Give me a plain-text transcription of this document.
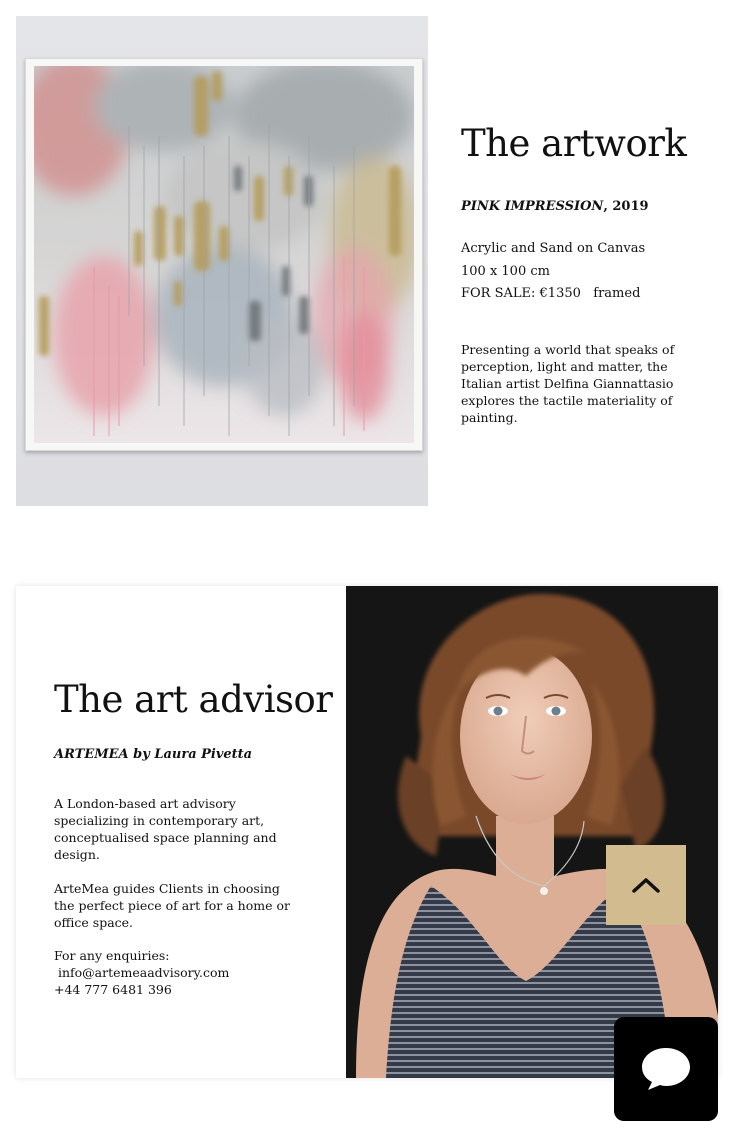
The artwork

PINK IMPRESSION, 2019

Acrylic and Sand on Canvas
100 x 100 cm
FOR SALE: €1350   framed

Presenting a world that speaks of perception, light and matter, the Italian artist Delfina Giannattasio explores the tactile materiality of painting.

The art advisor

ARTEMEA by Laura Pivetta

A London-based art advisory specializing in contemporary art, conceptualised space planning and design.

ArteMea guides Clients in choosing the perfect piece of art for a home or office space.

For any enquiries:
info@artemeaadvisory.com
+44 777 6481 396
